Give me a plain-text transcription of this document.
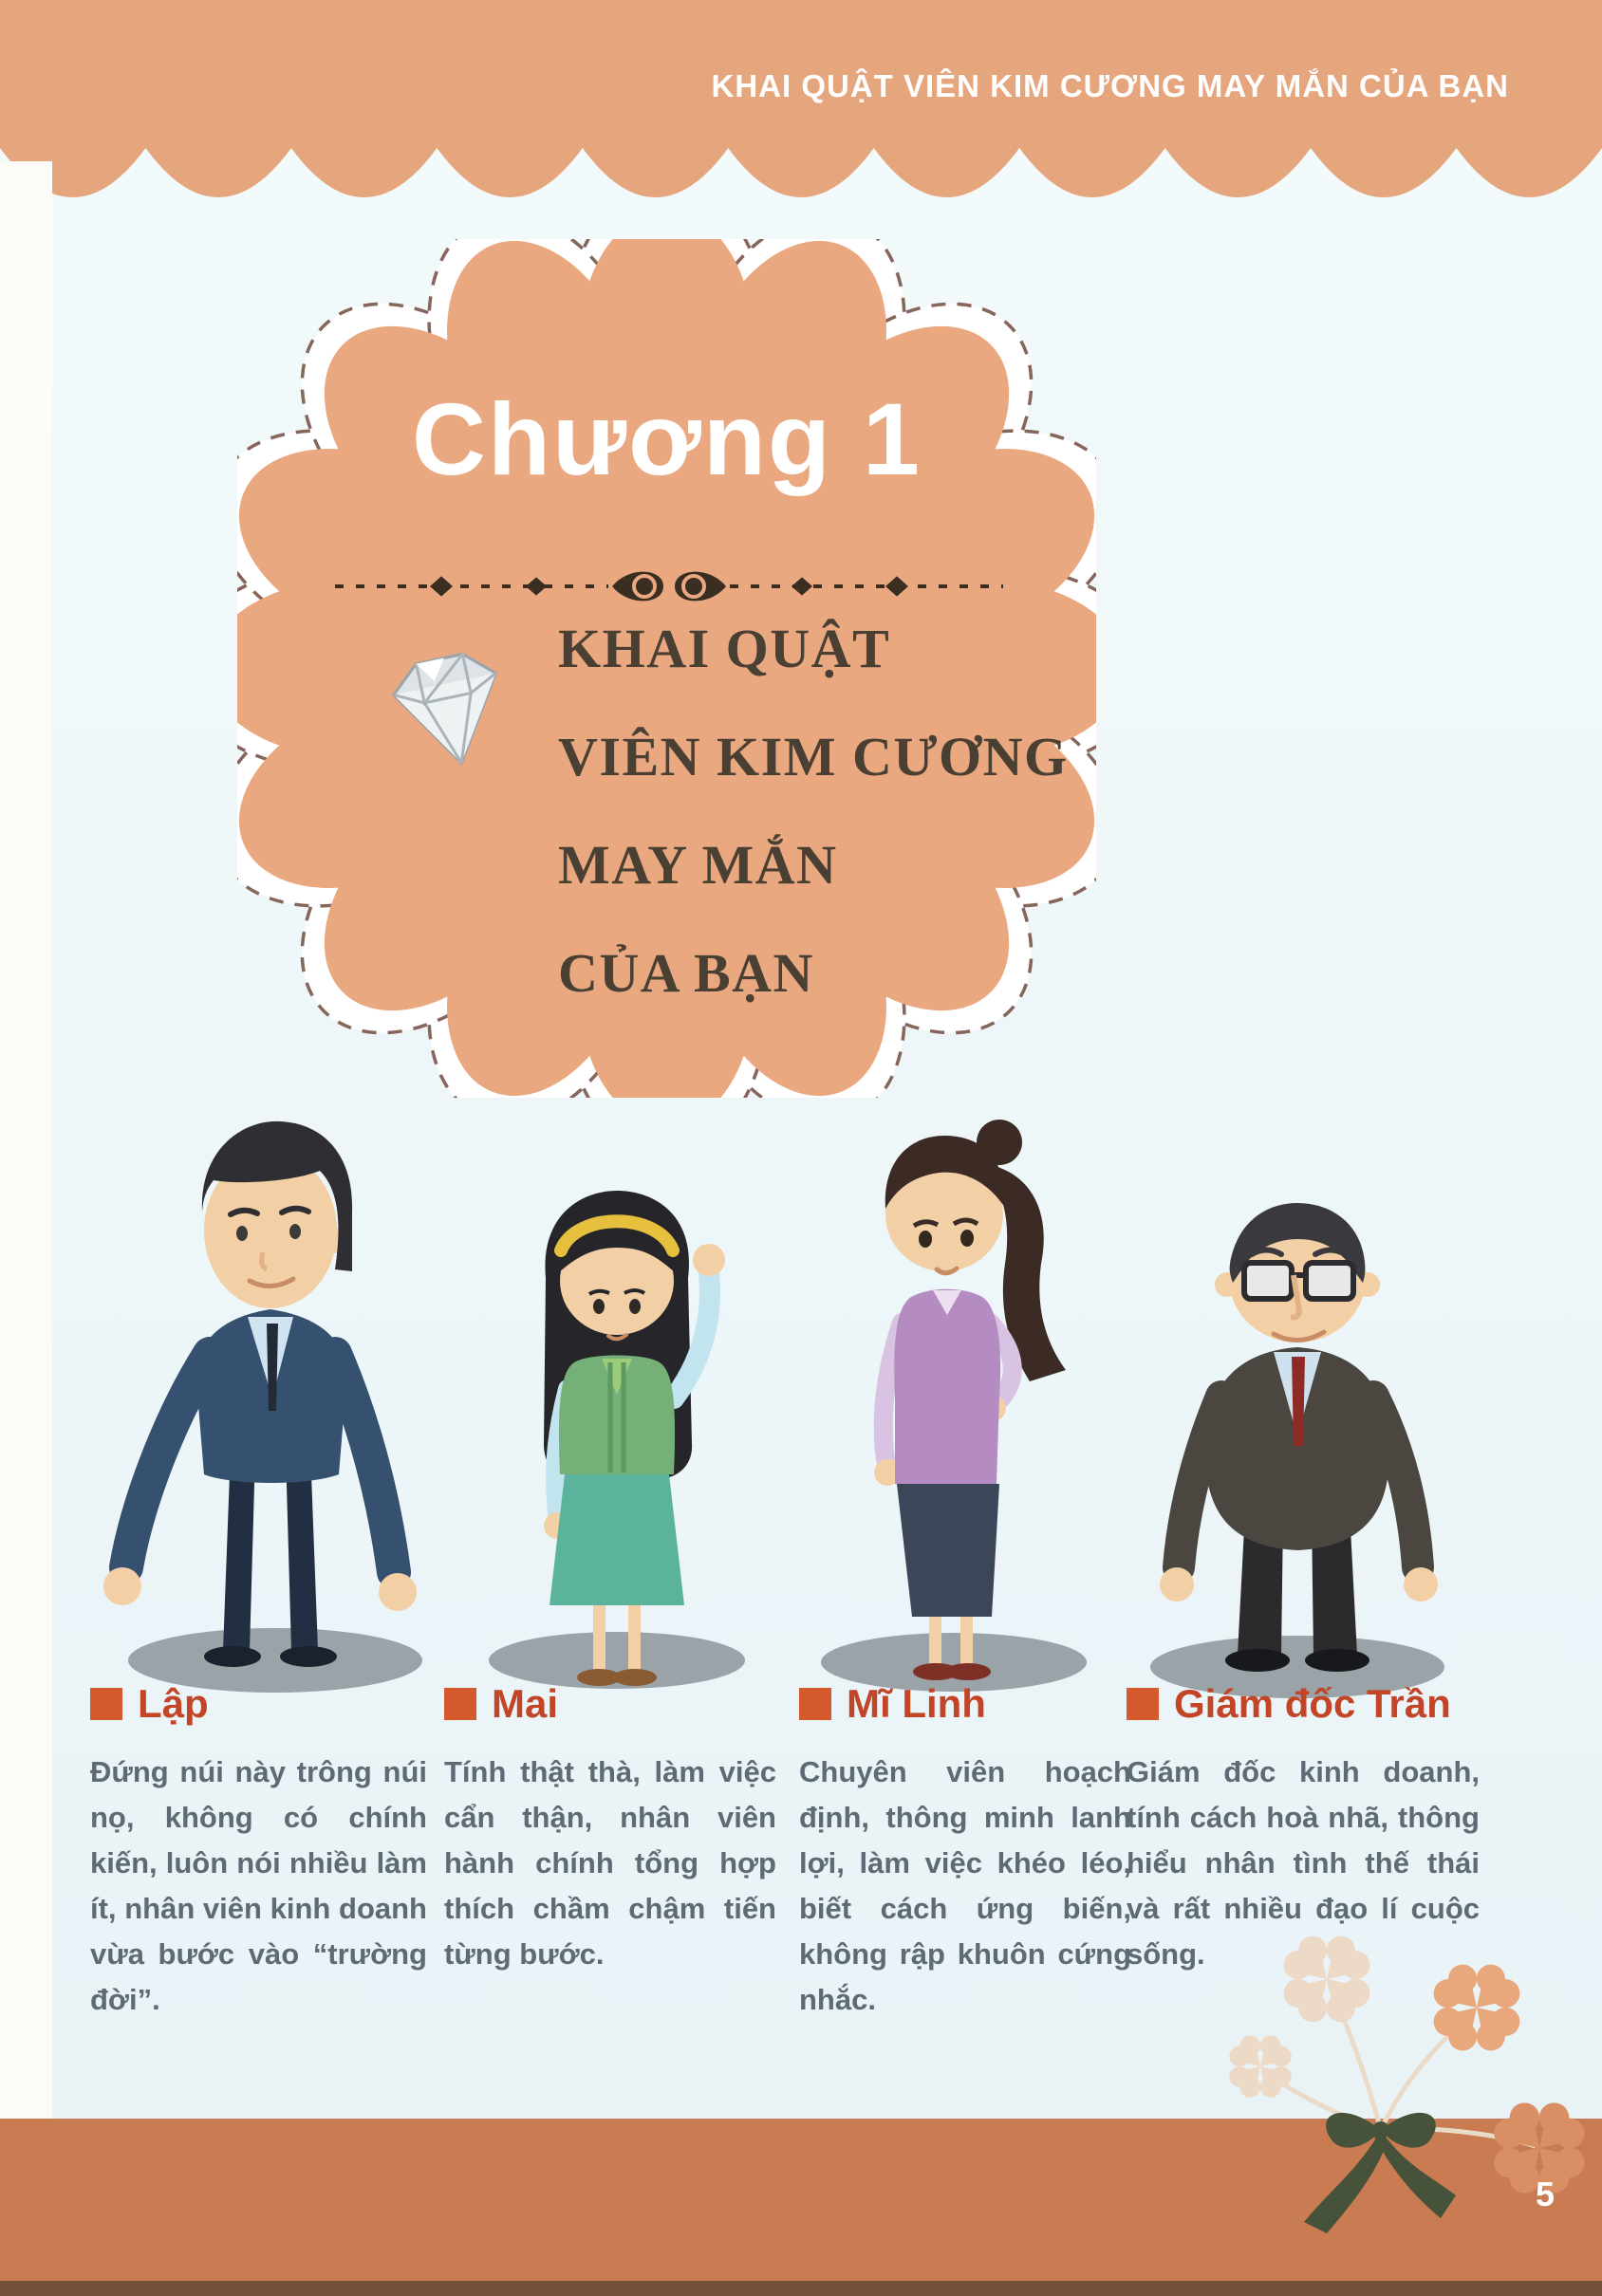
KHAI QUẬT VIÊN KIM CƯƠNG MAY MẮN CỦA BẠN
Chương 1
KHAI QUẬT
VIÊN KIM CƯƠNG
MAY MẮN
CỦA BẠN
Lập
Đứng núi này trông núi nọ, không có chính kiến, luôn nói nhiều làm ít, nhân viên kinh doanh vừa bước vào “trường đời”.
Mai
Tính thật thà, làm việc cẩn thận, nhân viên hành chính tổng hợp thích chầm chậm tiến từng bước.
Mĩ Linh
Chuyên viên hoạch định, thông minh lanh lợi, làm việc khéo léo, biết cách ứng biến, không rập khuôn cứng nhắc.
Giám đốc Trần
Giám đốc kinh doanh, tính cách hoà nhã, thông hiểu nhân tình thế thái và rất nhiều đạo lí cuộc sống.
5
